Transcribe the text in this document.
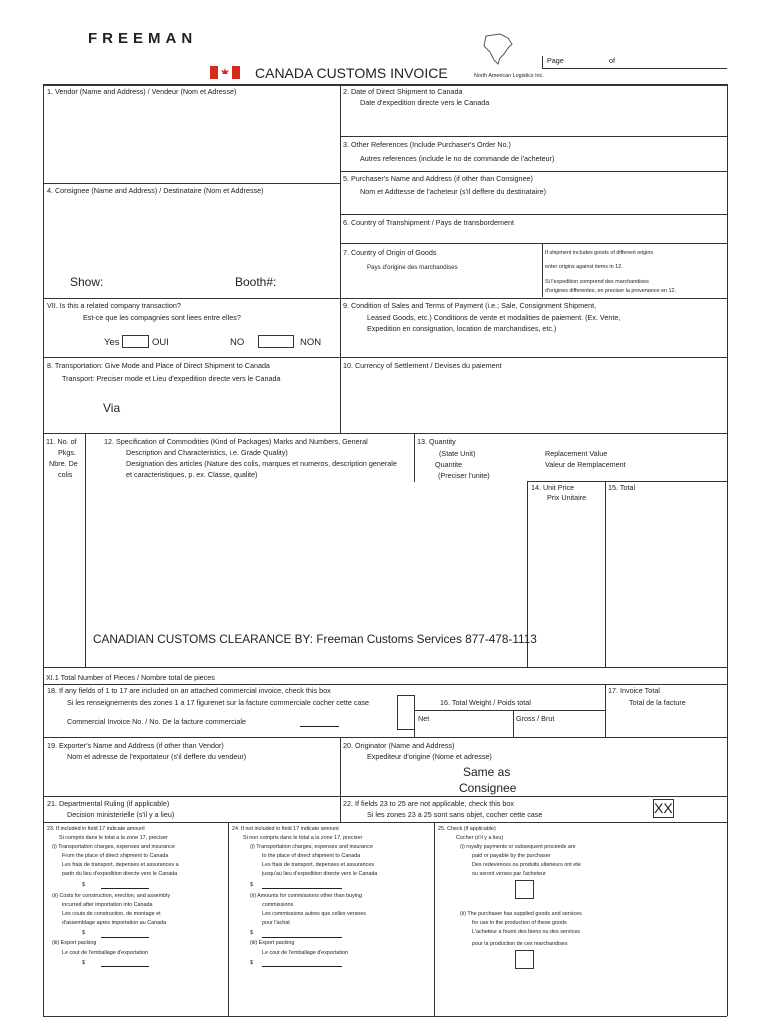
FREEMAN
CANADA CUSTOMS INVOICE	North American Logistics Inc.
Page	of
1. Vendor (Name and Address) / Vendeur (Nom et Adresse)	2. Date of Direct Shipment to Canada
Date d'expedition directe vers le Canada
3. Other References (Include Purchaser's Order No.)
Autres references (include le no de commande de l'acheteur)
5. Purchaser's Name and Address (if other than Consignee)
Nom et Addtesse de l'acheteur (s'il deffere du destinataire)
4. Consignee (Name and Address) / Destinataire (Nom et Addresse)
Show:	Booth#:
6. Country of Transhipment / Pays de transbordement
7. Country of Origin of Goods
Pays d'origine des marchandises
If shipment includes goods of different origins
enter origins against items in 12.
Si l'expedition comprend des marchandises
d'origines differentes, en preciser la provenance en 12.
VII. Is this a related company transaction?
Est-ce que les compagnies sont liees entre elles?
Yes	OUI	NO	NON
9. Condition of Sales and Terms of Payment (i.e.; Sale, Consignment Shipment,
Leased Goods, etc.) Conditions de vente et modalities de paiement. (Ex. Vente,
Expedition en consignation, location de marchandises, etc.)
8. Transportation: Give Mode and Place of Direct Shipment to Canada
Transport: Preciser mode et Lieu d'expedition directe vers le Canada
Via
10. Currency of Settlement / Devises du paiement
11. No. of
Pkgs.
Nbre. De
colis
12. Specification of Commodities (Kind of Packages) Marks and Numbers, General
Description and Characteristics, i.e. Grade Quality)
Designation des articles (Nature des colis, marques et numeros, description generale
et caracteristiques, p. ex. Classe, qualite)
13. Quantity
(State Unit)
Quantite
(Preciser l'unite)
Replacement Value
Valeur de Remplacement
14. Unit Price
Prix Unitaire
15. Total
CANADIAN CUSTOMS CLEARANCE BY: Freeman Customs Services 877-478-1113
XI.1 Total Number of Pieces / Nombre total de pieces
18. If any fields of 1 to 17 are included on an attached commercial invoice, check this box
Si les renseignements des zones 1 a 17 figurenet sur la facture commerciale cocher cette case
Commercial Invoice No. / No. De la facture commerciale
16. Total Weight / Poids total
Net	Gross / Brut
17. Invoice Total
Total de la facture
19. Exporter's Name and Address (if other than Vendor)
Nom et adresse de l'exportateur (s'il deffere du vendeur)
20. Originator (Name and Address)
Expediteur d'origine (Nome et adresse)
Same as
Consignee
21. Departmental Ruling (if applicable)
Decision ministerielle (s'il y a lieu)
22. If fields 23 to 25 are not applicable, check this box
Si les zones 23 a 25 sont sans objet, cocher cette case	XX
23. If included in field 17 indicate amount
Si compris dans le total a la zone 17, preciser
(i) Transportation charges, expenses and insurance
From the place of direct shipment to Canada
Les frais de transport, depenses et assurances a
partir du lieu d'expedition directe vers le Canada
$
(ii) Costs for construction, erection, and assembly
incurred after importation into Canada
Les couts de construction, de montage et
d'assemblage apres importation au Canada
$
(iii) Export packing
Le cout de l'emballage d'exportation
$
24. If not included in field 17 indicate amount
Si non compris dans le total a la zone 17, preciser
(i) Transportation charges, expenses and insurance
to the place of direct shipment to Canada
Les frais de transport, depenses et assurances
jusqu'au lieu d'expedition directe vers le Canada
$
(ii) Amounts for commissions other than buying
commissions
Les commissions autres que celles versees
pour l'achat
$
(iii) Export packing
Le cout de l'emballage d'exportation
$
25. Check (if applicable)
Cocher (s'il y a lieu)
(i) royalty payments or subsequent proceeds are
paid or payable by the purchaser
Des redevences ou produits ulterieurs ont ete
ou seront verses par l'acheteur
(ii) The purchaser has supplied goods and services
for use in the production of these goods
L'acheteur a fourni des biens ou des services
pour la production de ces marchandises
